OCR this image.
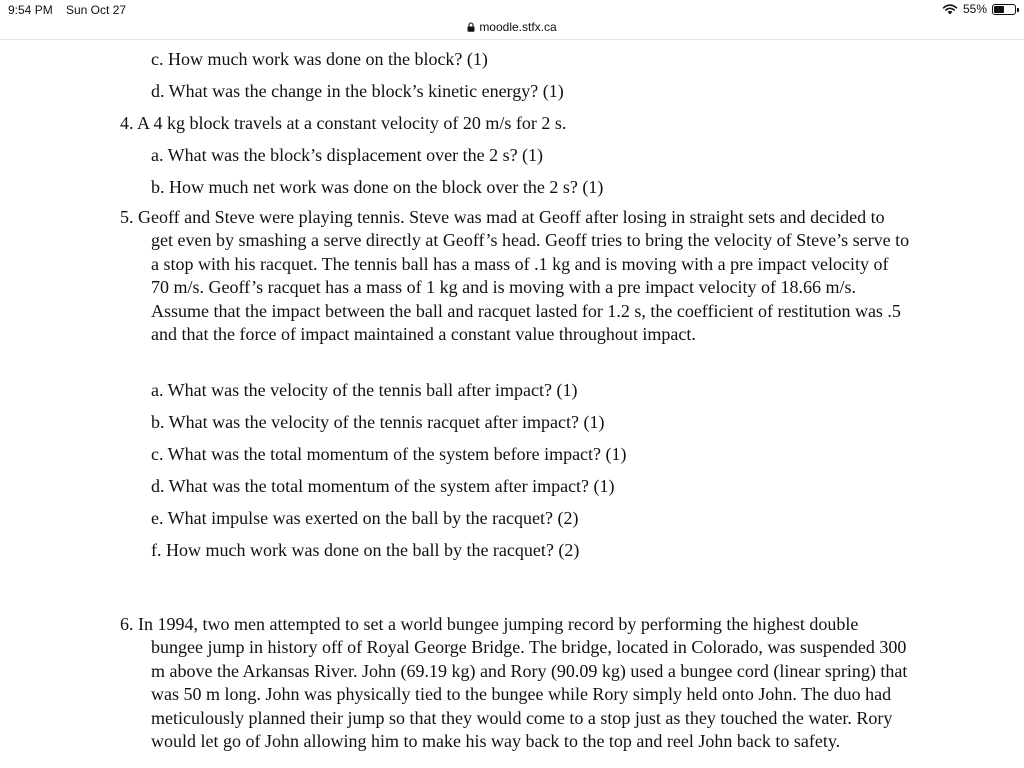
9:54 PM Sun Oct 27	55%
moodle.stfx.ca
c. How much work was done on the block? (1)
d. What was the change in the block’s kinetic energy? (1)
4. A 4 kg block travels at a constant velocity of 20 m/s for 2 s.
a. What was the block’s displacement over the 2 s? (1)
b. How much net work was done on the block over the 2 s? (1)
5. Geoff and Steve were playing tennis. Steve was mad at Geoff after losing in straight sets and decided to get even by smashing a serve directly at Geoff’s head. Geoff tries to bring the velocity of Steve’s serve to a stop with his racquet. The tennis ball has a mass of .1 kg and is moving with a pre impact velocity of 70 m/s. Geoff’s racquet has a mass of 1 kg and is moving with a pre impact velocity of 18.66 m/s. Assume that the impact between the ball and racquet lasted for 1.2 s, the coefficient of restitution was .5 and that the force of impact maintained a constant value throughout impact.
a. What was the velocity of the tennis ball after impact? (1)
b. What was the velocity of the tennis racquet after impact? (1)
c. What was the total momentum of the system before impact? (1)
d. What was the total momentum of the system after impact? (1)
e. What impulse was exerted on the ball by the racquet? (2)
f. How much work was done on the ball by the racquet? (2)
6. In 1994, two men attempted to set a world bungee jumping record by performing the highest double bungee jump in history off of Royal George Bridge. The bridge, located in Colorado, was suspended 300 m above the Arkansas River. John (69.19 kg) and Rory (90.09 kg) used a bungee cord (linear spring) that was 50 m long. John was physically tied to the bungee while Rory simply held onto John. The duo had meticulously planned their jump so that they would come to a stop just as they touched the water. Rory would let go of John allowing him to make his way back to the top and reel John back to safety.
